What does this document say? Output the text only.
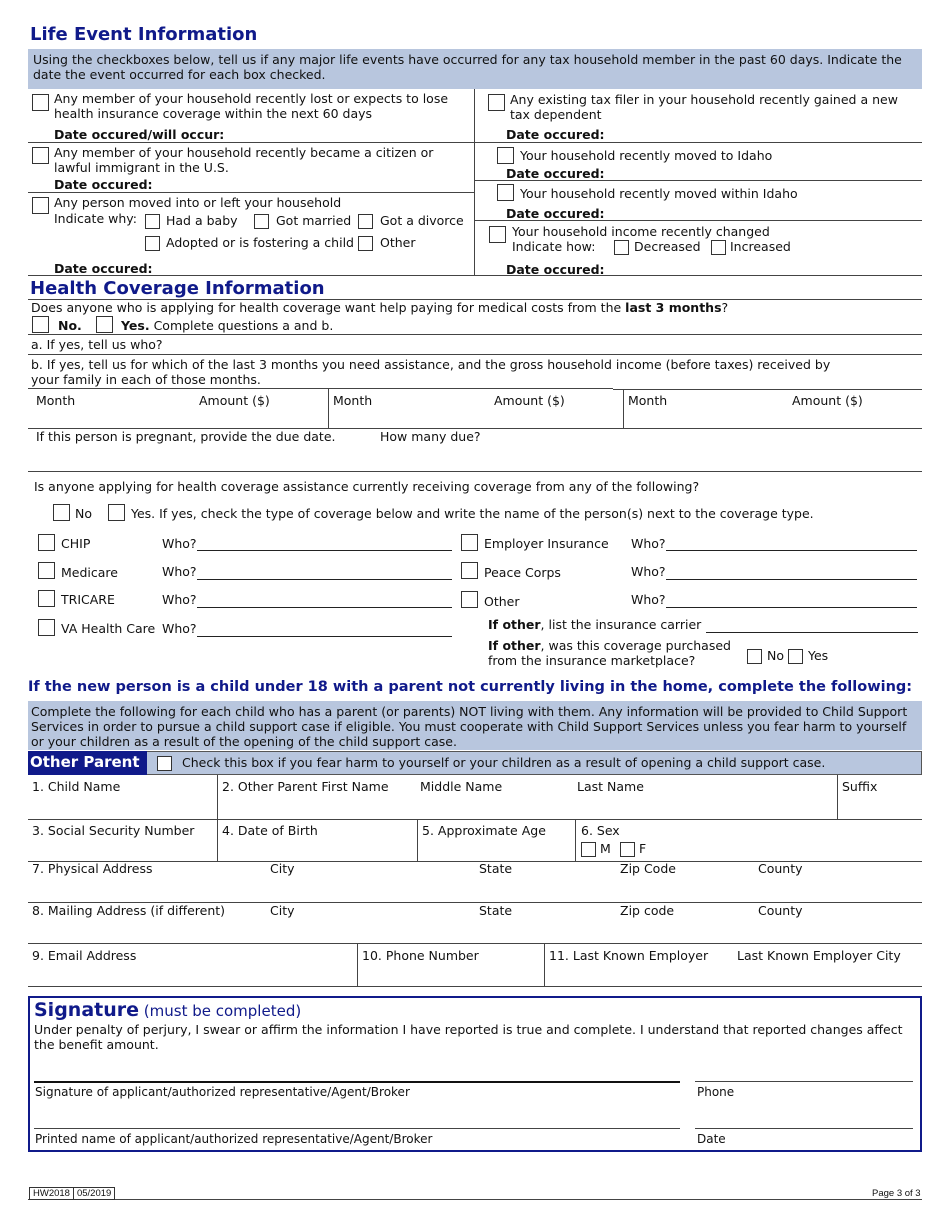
Life Event Information
Using the checkboxes below, tell us if any major life events have occurred for any tax household member in the past 60 days. Indicate the date the event occurred for each box checked.
Any member of your household recently lost or expects to lose
health insurance coverage within the next 60 days
Date occured/will occur:
Any member of your household recently became a citizen or
lawful immigrant in the U.S.
Date occured:
Any person moved into or left your household
Indicate why: Had a baby	Got married Got a divorce
Adopted or is fostering a child Other
Date occured:
Any existing tax filer in your household recently gained a new
tax dependent
Date occured:
Your household recently moved to Idaho
Date occured:
Your household recently moved within Idaho
Date occured:
Your household income recently changed
Indicate how:	Decreased Increased
Date occured:
Health Coverage Information
Does anyone who is applying for health coverage want help paying for medical costs from the last 3 months?
No.	Yes. Complete questions a and b.
a. If yes, tell us who?
b. If yes, tell us for which of the last 3 months you need assistance, and the gross household income (before taxes) received by
your family in each of those months.
Month	Amount ($)	Month	Amount ($)	Month	Amount ($)
If this person is pregnant, provide the due date.	How many due?
Is anyone applying for health coverage assistance currently receiving coverage from any of the following?
No	Yes. If yes, check the type of coverage below and write the name of the person(s) next to the coverage type.
CHIP	Who?
Medicare	Who?
TRICARE	Who?
VA Health Care Who?
Employer Insurance Who?
Peace Corps	Who?
Other	Who?
If other, list the insurance carrier
If other, was this coverage purchased
from the insurance marketplace?	No Yes
If the new person is a child under 18 with a parent not currently living in the home, complete the following:
Complete the following for each child who has a parent (or parents) NOT living with them. Any information will be provided to Child Support Services in order to pursue a child support case if eligible. You must cooperate with Child Support Services unless you fear harm to yourself or your children as a result of the opening of the child support case.
Other Parent	Check this box if you fear harm to yourself or your children as a result of opening a child support case.
1. Child Name	2. Other Parent First Name	Middle Name	Last Name	Suffix
3. Social Security Number 4. Date of Birth	5. Approximate Age	6. Sex
M F
7. Physical Address	City	State	Zip Code	County
8. Mailing Address (if different)	City	State	Zip code	County
9. Email Address	10. Phone Number	11. Last Known Employer Last Known Employer City
Signature (must be completed)
Under penalty of perjury, I swear or affirm the information I have reported is true and complete. I understand that reported changes affect the benefit amount.
Signature of applicant/authorized representative/Agent/Broker	Phone
Printed name of applicant/authorized representative/Agent/Broker	Date
HW2018 05/2019	Page 3 of 3
